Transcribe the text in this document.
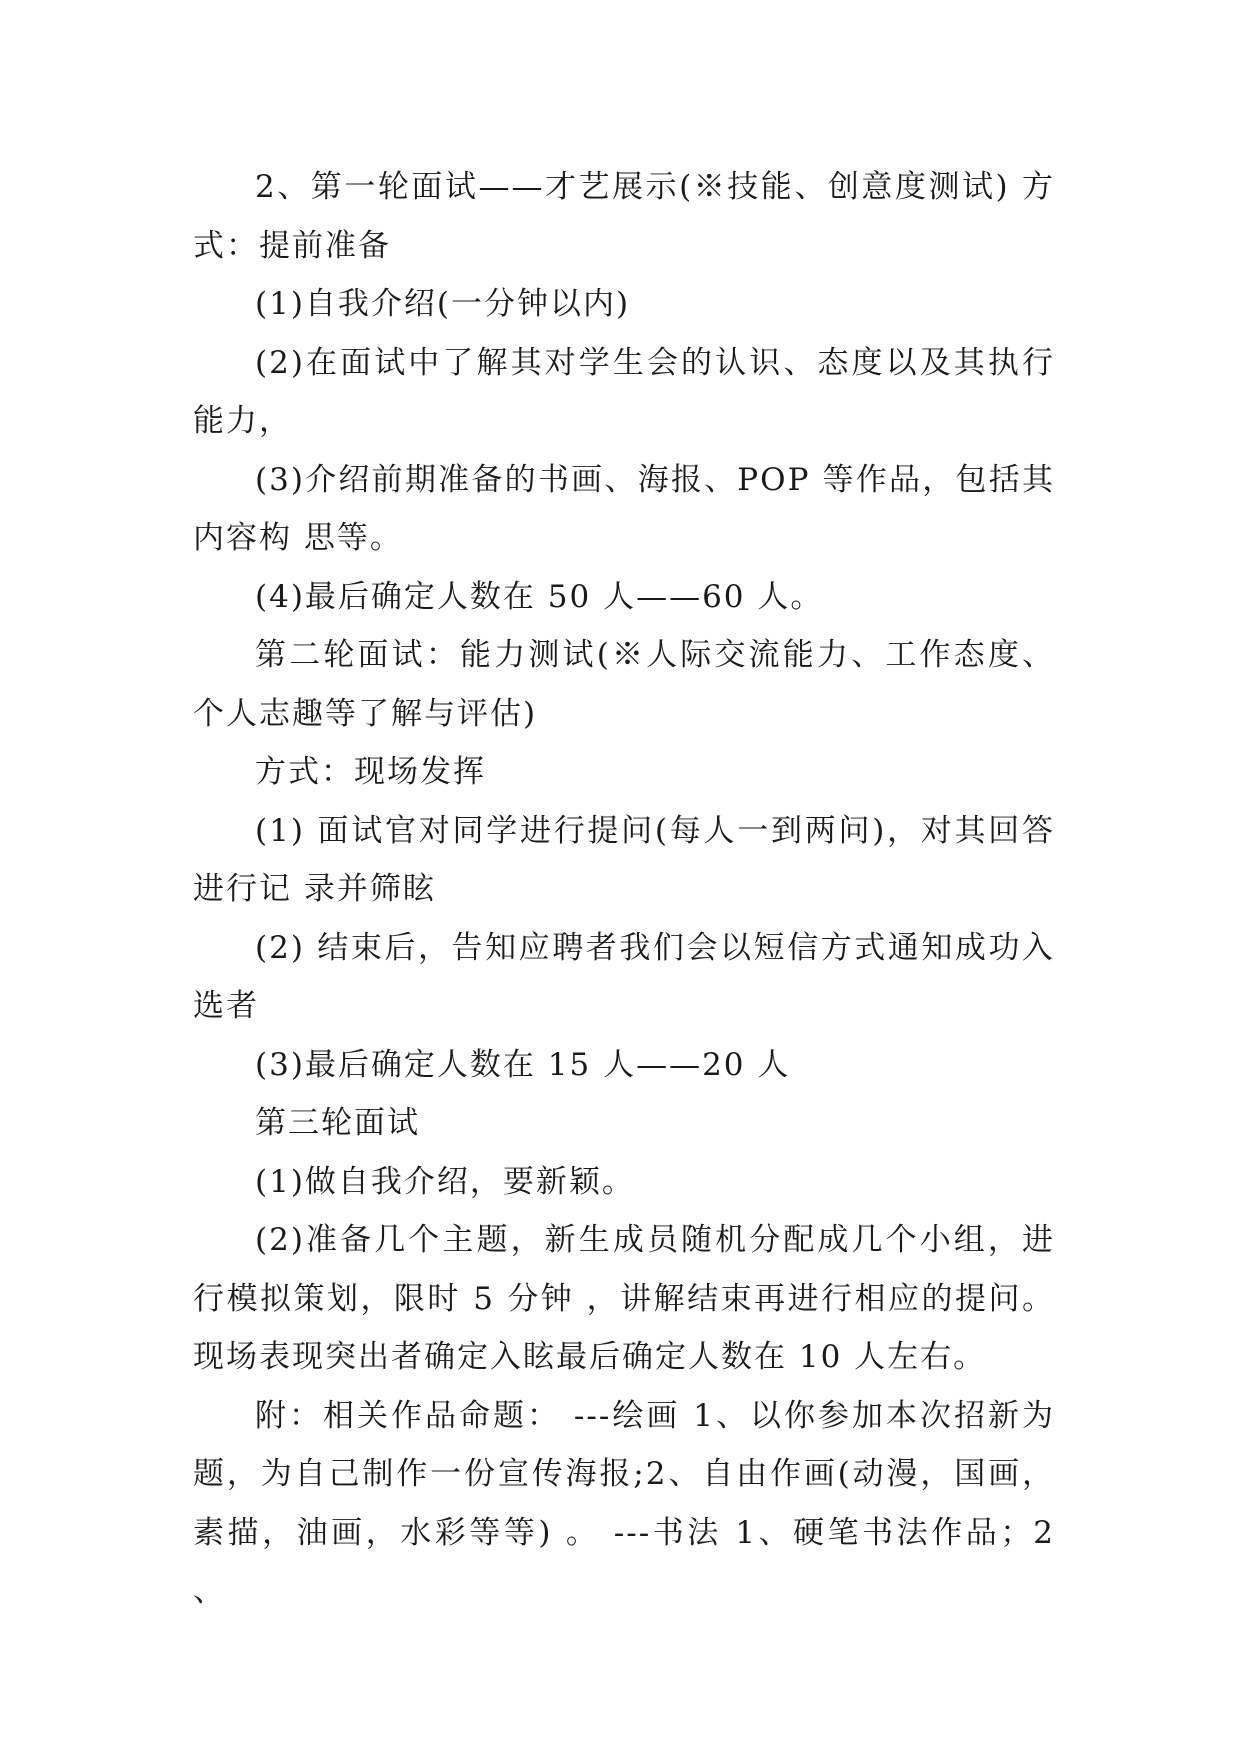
2、第一轮面试——才艺展示(※技能、创意度测试) 方式：提前准备

(1)自我介绍(一分钟以内)

(2)在面试中了解其对学生会的认识、态度以及其执行能力，

(3)介绍前期准备的书画、海报、POP 等作品，包括其内容构 思等。

(4)最后确定人数在 50 人——60 人。

第二轮面试：能力测试(※人际交流能力、工作态度、个人志趣等了解与评估)

方式：现场发挥

(1) 面试官对同学进行提问(每人一到两问)，对其回答进行记 录并筛眩

(2) 结束后，告知应聘者我们会以短信方式通知成功入选者

(3)最后确定人数在 15 人——20 人

第三轮面试

(1)做自我介绍，要新颖。

(2)准备几个主题，新生成员随机分配成几个小组，进行模拟策划，限时 5 分钟 ，讲解结束再进行相应的提问。现场表现突出者确定入眩最后确定人数在 10 人左右。

附：相关作品命题： ---绘画 1、以你参加本次招新为题，为自己制作一份宣传海报;2、自由作画(动漫，国画，素描，油画，水彩等等) 。 ---书法 1、硬笔书法作品；2 、
